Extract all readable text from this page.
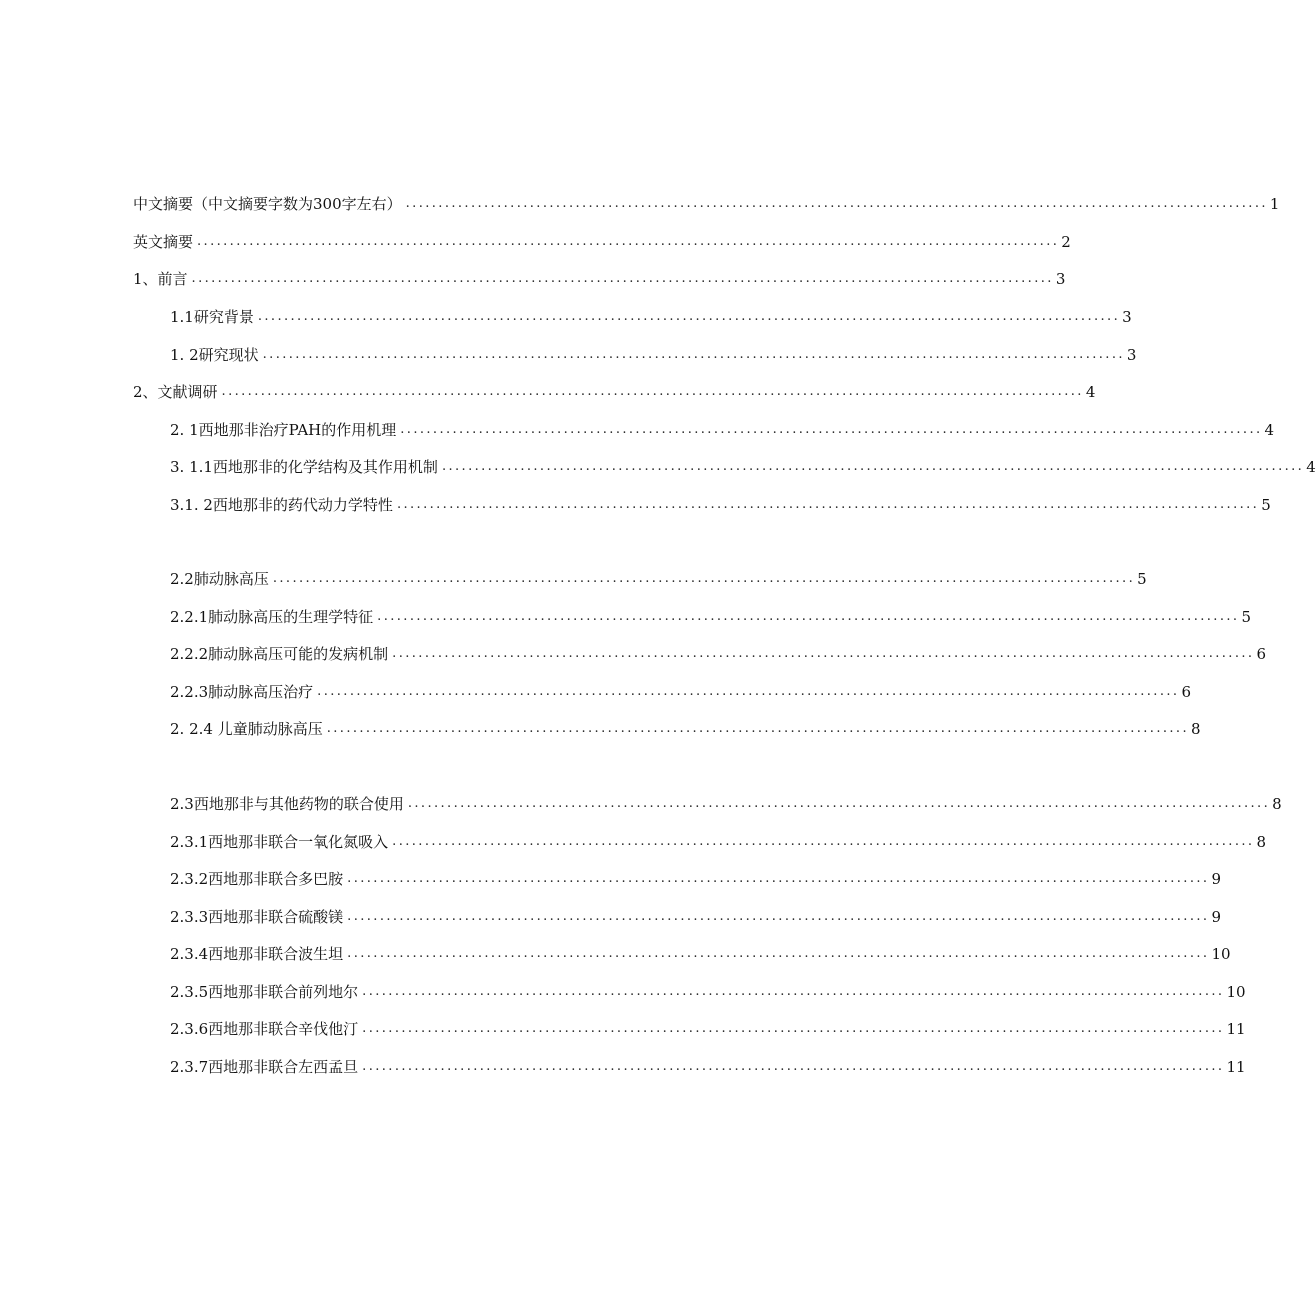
中文摘要（中文摘要字数为300字左右） .................................................................................................................................... 1
英文摘要 .................................................................................................................................... 2
1、前言 .................................................................................................................................... 3
1.1研究背景 .................................................................................................................................... 3
1. 2研究现状 .................................................................................................................................... 3
2、文献调研 .................................................................................................................................... 4
2. 1西地那非治疗PAH的作用机理 .................................................................................................................................... 4
3. 1.1西地那非的化学结构及其作用机制 .................................................................................................................................... 4
3.1. 2西地那非的药代动力学特性 .................................................................................................................................... 5
2.2肺动脉高压 .................................................................................................................................... 5
2.2.1肺动脉高压的生理学特征 .................................................................................................................................... 5
2.2.2肺动脉高压可能的发病机制 .................................................................................................................................... 6
2.2.3肺动脉高压治疗 .................................................................................................................................... 6
2. 2.4 儿童肺动脉高压 .................................................................................................................................... 8
2.3西地那非与其他药物的联合使用 .................................................................................................................................... 8
2.3.1西地那非联合一氧化氮吸入 .................................................................................................................................... 8
2.3.2西地那非联合多巴胺 .................................................................................................................................... 9
2.3.3西地那非联合硫酸镁 .................................................................................................................................... 9
2.3.4西地那非联合波生坦 .................................................................................................................................... 10
2.3.5西地那非联合前列地尔 .................................................................................................................................... 10
2.3.6西地那非联合辛伐他汀 .................................................................................................................................... 11
2.3.7西地那非联合左西孟旦 .................................................................................................................................... 11
